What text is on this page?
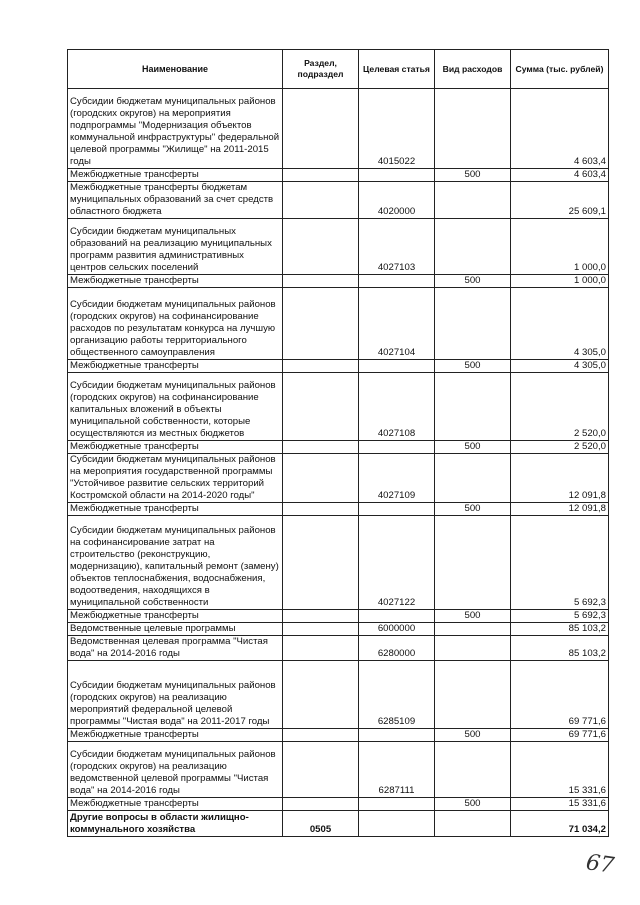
Наименование	Раздел, подраздел	Целевая статья	Вид расходов	Сумма (тыс. рублей)
Субсидии бюджетам муниципальных районов (городских округов) на мероприятия подпрограммы "Модернизация объектов коммунальной инфраструктуры" федеральной целевой программы "Жилище" на 2011-2015 годы		4015022		4 603,4
Межбюджетные трансферты			500	4 603,4
Межбюджетные трансферты бюджетам муниципальных образований за счет средств областного бюджета		4020000		25 609,1
Субсидии бюджетам муниципальных образований на реализацию муниципальных программ развития административных центров сельских поселений		4027103		1 000,0
Межбюджетные трансферты			500	1 000,0
Субсидии бюджетам муниципальных районов (городских округов) на софинансирование расходов по результатам конкурса на лучшую организацию работы территориального общественного самоуправления		4027104		4 305,0
Межбюджетные трансферты			500	4 305,0
Субсидии бюджетам муниципальных районов (городских округов) на софинансирование капитальных вложений в объекты муниципальной собственности, которые осуществляются из местных бюджетов		4027108		2 520,0
Межбюджетные трансферты			500	2 520,0
Субсидии бюджетам муниципальных районов на мероприятия государственной программы "Устойчивое развитие сельских территорий Костромской области на 2014-2020 годы"		4027109		12 091,8
Межбюджетные трансферты			500	12 091,8
Субсидии бюджетам муниципальных районов на софинансирование затрат на строительство (реконструкцию, модернизацию), капитальный ремонт (замену) объектов теплоснабжения, водоснабжения, водоотведения, находящихся в муниципальной собственности		4027122		5 692,3
Межбюджетные трансферты			500	5 692,3
Ведомственные целевые программы		6000000		85 103,2
Ведомственная целевая программа "Чистая вода" на 2014-2016 годы		6280000		85 103,2
Субсидии бюджетам муниципальных районов (городских округов) на реализацию мероприятий федеральной целевой программы "Чистая вода" на 2011-2017 годы		6285109		69 771,6
Межбюджетные трансферты			500	69 771,6
Субсидии бюджетам муниципальных районов (городских округов) на реализацию ведомственной целевой программы "Чистая вода" на 2014-2016 годы		6287111		15 331,6
Межбюджетные трансферты			500	15 331,6
Другие вопросы в области жилищно-коммунального хозяйства	0505			71 034,2
67
